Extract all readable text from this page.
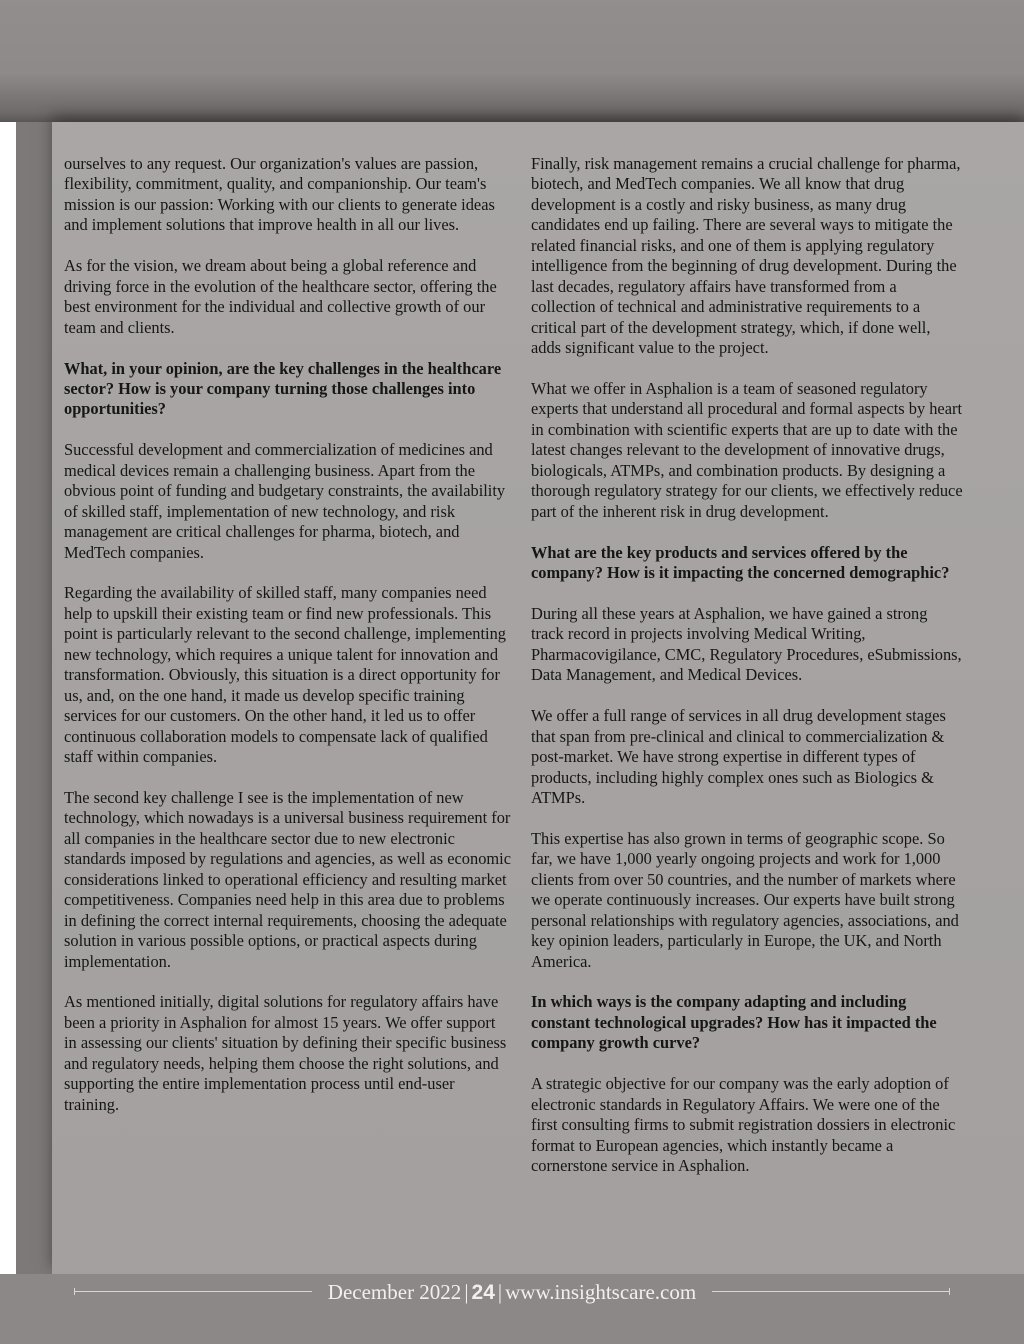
ourselves to any request. Our organization's values are passion, flexibility, commitment, quality, and companionship. Our team's mission is our passion: Working with our clients to generate ideas and implement solutions that improve health in all our lives.

As for the vision, we dream about being a global reference and driving force in the evolution of the healthcare sector, offering the best environment for the individual and collective growth of our team and clients.

What, in your opinion, are the key challenges in the healthcare sector? How is your company turning those challenges into opportunities?

Successful development and commercialization of medicines and medical devices remain a challenging business. Apart from the obvious point of funding and budgetary constraints, the availability of skilled staff, implementation of new technology, and risk management are critical challenges for pharma, biotech, and MedTech companies.

Regarding the availability of skilled staff, many companies need help to upskill their existing team or find new professionals. This point is particularly relevant to the second challenge, implementing new technology, which requires a unique talent for innovation and transformation. Obviously, this situation is a direct opportunity for us, and, on the one hand, it made us develop specific training services for our customers. On the other hand, it led us to offer continuous collaboration models to compensate lack of qualified staff within companies.

The second key challenge I see is the implementation of new technology, which nowadays is a universal business requirement for all companies in the healthcare sector due to new electronic standards imposed by regulations and agencies, as well as economic considerations linked to operational efficiency and resulting market competitiveness. Companies need help in this area due to problems in defining the correct internal requirements, choosing the adequate solution in various possible options, or practical aspects during implementation.

As mentioned initially, digital solutions for regulatory affairs have been a priority in Asphalion for almost 15 years. We offer support in assessing our clients' situation by defining their specific business and regulatory needs, helping them choose the right solutions, and supporting the entire implementation process until end-user training.

Finally, risk management remains a crucial challenge for pharma, biotech, and MedTech companies. We all know that drug development is a costly and risky business, as many drug candidates end up failing. There are several ways to mitigate the related financial risks, and one of them is applying regulatory intelligence from the beginning of drug development. During the last decades, regulatory affairs have transformed from a collection of technical and administrative requirements to a critical part of the development strategy, which, if done well, adds significant value to the project.

What we offer in Asphalion is a team of seasoned regulatory experts that understand all procedural and formal aspects by heart in combination with scientific experts that are up to date with the latest changes relevant to the development of innovative drugs, biologicals, ATMPs, and combination products. By designing a thorough regulatory strategy for our clients, we effectively reduce part of the inherent risk in drug development.

What are the key products and services offered by the company? How is it impacting the concerned demographic?

During all these years at Asphalion, we have gained a strong track record in projects involving Medical Writing, Pharmacovigilance, CMC, Regulatory Procedures, eSubmissions, Data Management, and Medical Devices.

We offer a full range of services in all drug development stages that span from pre-clinical and clinical to commercialization & post-market. We have strong expertise in different types of products, including highly complex ones such as Biologics & ATMPs.

This expertise has also grown in terms of geographic scope. So far, we have 1,000 yearly ongoing projects and work for 1,000 clients from over 50 countries, and the number of markets where we operate continuously increases. Our experts have built strong personal relationships with regulatory agencies, associations, and key opinion leaders, particularly in Europe, the UK, and North America.

In which ways is the company adapting and including constant technological upgrades? How has it impacted the company growth curve?

A strategic objective for our company was the early adoption of electronic standards in Regulatory Affairs. We were one of the first consulting firms to submit registration dossiers in electronic format to European agencies, which instantly became a cornerstone service in Asphalion.

December 2022 | 24 | www.insightscare.com
